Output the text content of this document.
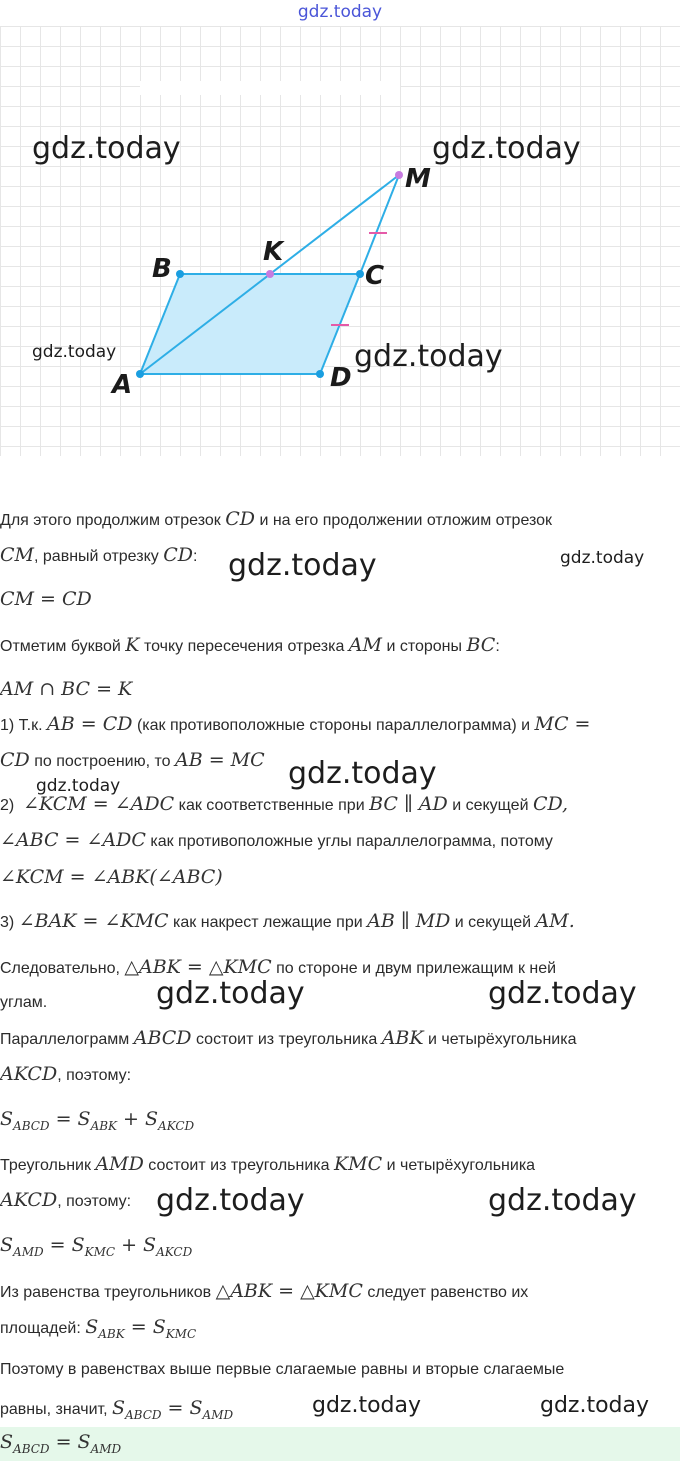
gdz.today
A
B	C
D
K
M
gdz.today	gdz.today
gdz.today	gdz.today
Для этого продолжим отрезок CD и на его продолжении отложим отрезок
CM, равный отрезку CD:
CM = CD
Отметим буквой K точку пересечения отрезка AM и стороны BC:
AM ∩ BC = K
1) Т.к. AB = CD (как противоположные стороны параллелограмма) и MC =
CD по построению, то AB = MC
2) ∠KCM = ∠ADC как соответственные при BC ∥ AD и секущей CD,
∠ABC = ∠ADC как противоположные углы параллелограмма, потому
∠KCM = ∠ABK(∠ABC)
3) ∠BAK = ∠KMC как накрест лежащие при AB ∥ MD и секущей AM.
Следовательно, △ABK = △KMC по стороне и двум прилежащим к ней
углам.
Параллелограмм ABCD состоит из треугольника ABK и четырёхугольника
AKCD, поэтому:
$S_{ABCD} = S_{ABK} + S_{AKCD}$
Треугольник AMD состоит из треугольника KMC и четырёхугольника
AKCD, поэтому:
$S_{AMD} = S_{KMC} + S_{AKCD}$
Из равенства треугольников △ABK = △KMC следует равенство их
площадей: $S_{ABK} = S_{KMC}$
Поэтому в равенствах выше первые слагаемые равны и вторые слагаемые
равны, значит, $S_{ABCD} = S_{AMD}$
$S_{ABCD} = S_{AMD}$
gdz.today	gdz.today
gdz.today
gdz.today
gdz.today	gdz.today
gdz.today	gdz.today
gdz.today	gdz.today
